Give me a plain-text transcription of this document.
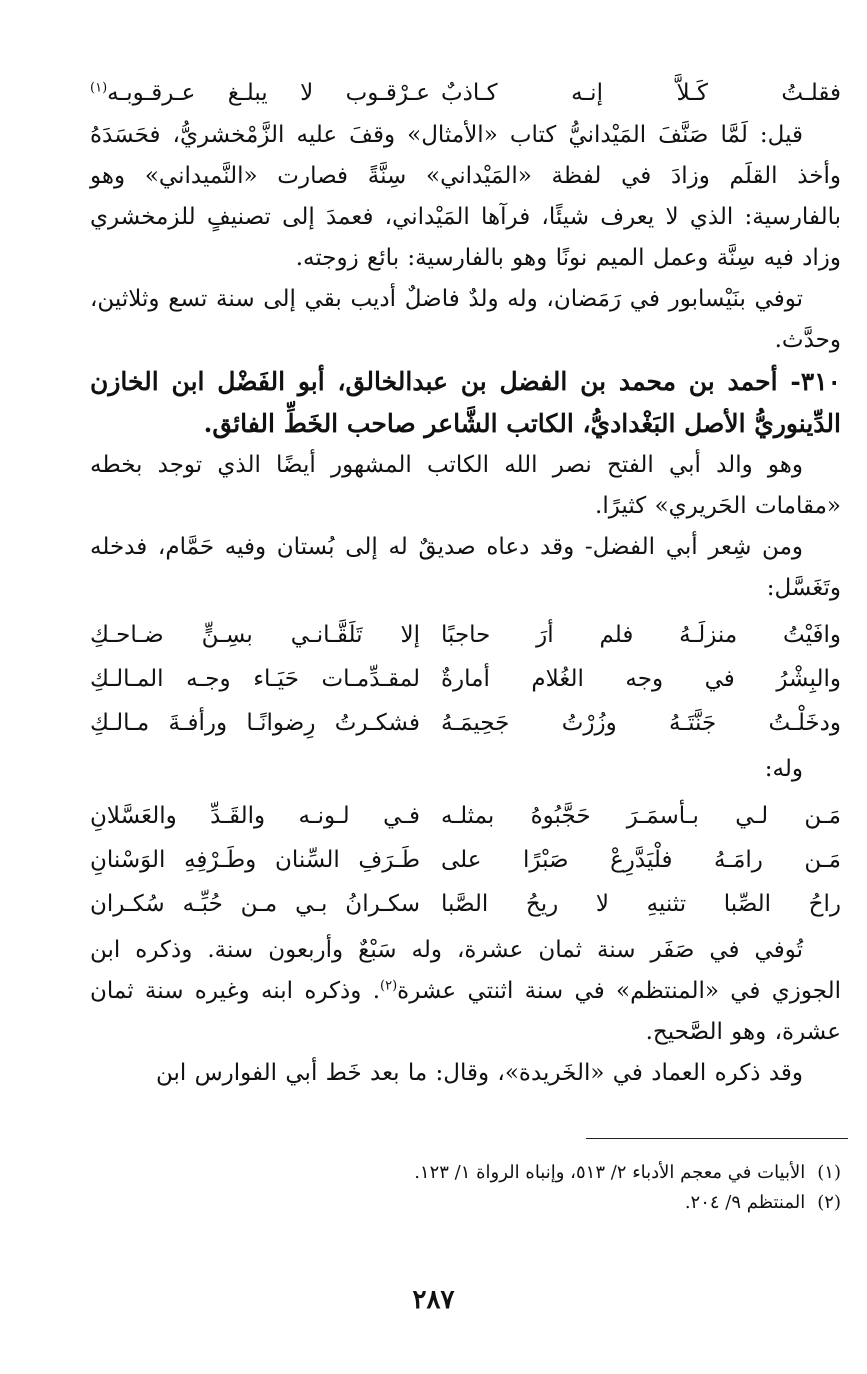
فقلـتُ كَـلاَّ إنـه كـاذبٌ
عـرْقـوب لا يبلـغ عـرقـوبـه$^{(١)}$

قيل: لَمَّا صَنَّفَ المَيْدانيُّ كتاب «الأمثال» وقفَ عليه الزَّمْخشريُّ، فحَسَدَهُ وأخذ القلَم وزادَ في لفظة «المَيْداني» سِنَّةً فصارت «النَّميداني» وهو بالفارسية: الذي لا يعرف شيئًا، فرآها المَيْداني، فعمدَ إلى تصنيفٍ للزمخشري وزاد فيه سِنَّة وعمل الميم نونًا وهو بالفارسية: بائع زوجته.

توفي بنَيْسابور في رَمَضان، وله ولدٌ فاضلٌ أديب بقي إلى سنة تسع وثلاثين، وحدَّث.

٣١٠- أحمد بن محمد بن الفضل بن عبدالخالق، أبو الفَضْل ابن الخازن الدِّينوريُّ الأصل البَغْداديُّ، الكاتب الشَّاعر صاحب الخَطِّ الفائق.

وهو والد أبي الفتح نصر الله الكاتب المشهور أيضًا الذي توجد بخطه «مقامات الحَريري» كثيرًا.

ومن شِعر أبي الفضل- وقد دعاه صديقٌ له إلى بُستان وفيه حَمَّام، فدخله وتَغَسَّل:

وافَيْتُ منزلَـهُ فلم أرَ حاجبًا
إلا تَلَقَّـانـي بسِـنٍّ ضـاحـكِ
والبِشْرُ في وجه الغُلام أمارةٌ
لمقـدِّمـات حَيَـاء وجـه المـالـكِ
ودخَلْـتُ جَنَّتَـهُ وزُرْتُ جَحِيمَـهُ
فشكـرتُ رِضوانًـا ورأفـةَ مـالـكِ

وله:

مَـن لـي بـأسمَـرَ حَجَّبُوهُ بمثلـه
فـي لـونـه والقَـدِّ والعَسَّلانِ
مَـن رامَـهُ فلْيَدَّرِعْ صَبْرًا على
طَـرَفِ السِّنان وطَـرْفِهِ الوَسْنانِ
راحُ الصِّبا تثنيهِ لا ريحُ الصَّبا
سكـرانُ بـي مـن حُبِّـه سُكـران

تُوفي في صَفَر سنة ثمان عشرة، وله سَبْعٌ وأربعون سنة. وذكره ابن الجوزي في «المنتظم» في سنة اثنتي عشرة$^{(٢)}$. وذكره ابنه وغيره سنة ثمان عشرة، وهو الصَّحيح.

وقد ذكره العماد في «الخَريدة»، وقال: ما بعد خَط أبي الفوارس ابن

(١)
الأبيات في معجم الأدباء ٢/ ٥١٣، وإنباه الرواة ١/ ١٢٣.
(٢)
المنتظم ٩/ ٢٠٤.
٢٨٧
